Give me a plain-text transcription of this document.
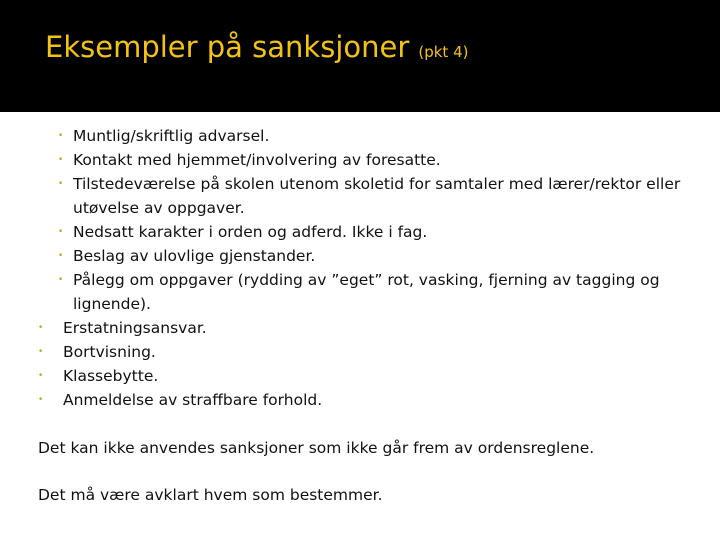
Eksempler på sanksjoner (pkt 4)
• Muntlig/skriftlig advarsel.
• Kontakt med hjemmet/involvering av foresatte.
• Tilstedeværelse på skolen utenom skoletid for samtaler med lærer/rektor eller utøvelse av oppgaver.
• Nedsatt karakter i orden og adferd. Ikke i fag.
• Beslag av ulovlige gjenstander.
• Pålegg om oppgaver (rydding av ”eget” rot, vasking, fjerning av tagging og lignende).
• Erstatningsansvar.
• Bortvisning.
• Klassebytte.
• Anmeldelse av straffbare forhold.
Det kan ikke anvendes sanksjoner som ikke går frem av ordensreglene.
Det må være avklart hvem som bestemmer.
